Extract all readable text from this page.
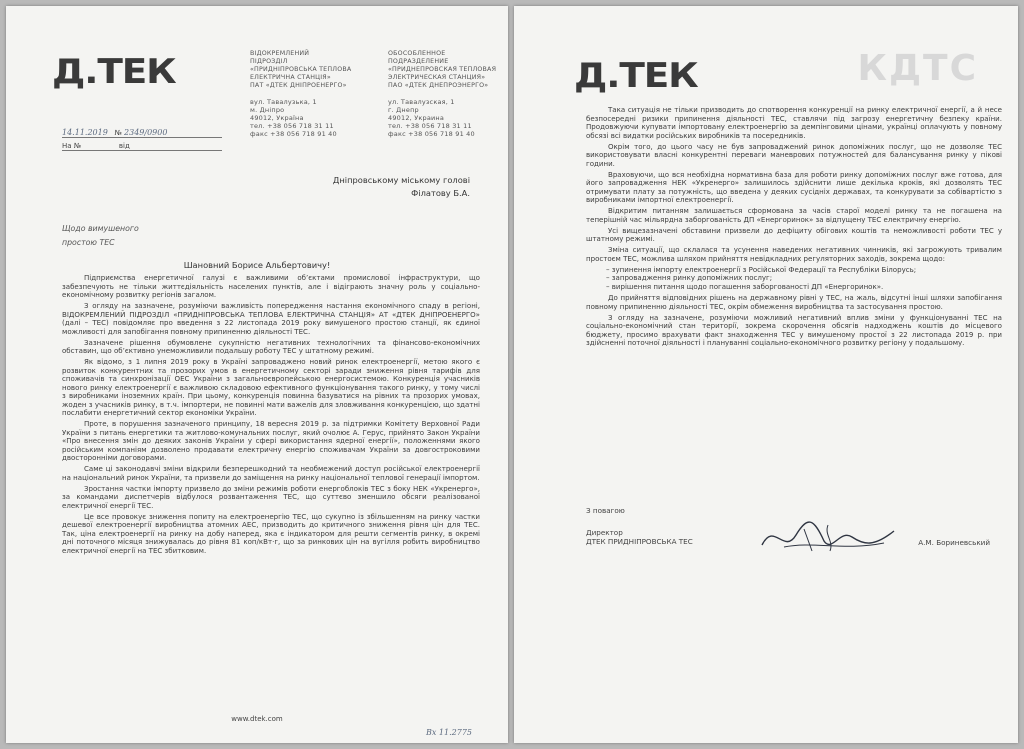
Д.ТЕК	ВІДОКРЕМЛЕНИЙ
ПІДРОЗДІЛ
«ПРИДНІПРОВСЬКА ТЕПЛОВА
ЕЛЕКТРИЧНА СТАНЦІЯ»
ПАТ «ДТЕК ДНІПРОЕНЕРГО»
вул. Тавалузька, 1
м. Дніпро
49012, Україна
тел. +38 056 718 31 11
факс +38 056 718 91 40
ОБОСОБЛЕННОЕ
ПОДРАЗДЕЛЕНИЕ
«ПРИДНЕПРОВСКАЯ ТЕПЛОВАЯ
ЭЛЕКТРИЧЕСКАЯ СТАНЦИЯ»
ПАО «ДТЕК ДНЕПРОЭНЕРГО»
ул. Тавалузская, 1
г. Днепр
49012, Украина
тел. +38 056 718 31 11
факс +38 056 718 91 40
14.11.2019 № 2349/0900
На №	від
Дніпровському міському голові
Філатову Б.А.
Щодо вимушеного
простою ТЕС
Шановний Борисе Альбертовичу!

Підприємства енергетичної галузі є важливими об’єктами промислової інфраструктури, що забезпечують не тільки життєдіяльність населених пунктів, але і відіграють значну роль у соціально-економічному розвитку регіонів загалом.

З огляду на зазначене, розуміючи важливість попередження настання економічного спаду в регіоні, ВІДОКРЕМЛЕНИЙ ПІДРОЗДІЛ «ПРИДНІПРОВСЬКА ТЕПЛОВА ЕЛЕКТРИЧНА СТАНЦІЯ» АТ «ДТЕК ДНІПРОЕНЕРГО» (далі – ТЕС) повідомляє про введення з 22 листопада 2019 року вимушеного простою станції, як єдиної можливості для запобігання повному припиненню діяльності ТЕС.

Зазначене рішення обумовлене сукупністю негативних технологічних та фінансово-економічних обставин, що об’єктивно унеможливили подальшу роботу ТЕС у штатному режимі.

Як відомо, з 1 липня 2019 року в Україні запроваджено новий ринок електроенергії, метою якого є розвиток конкурентних та прозорих умов в енергетичному секторі заради зниження рівня тарифів для споживачів та синхронізації ОЕС України з загальноєвропейською енергосистемою. Конкуренція учасників нового ринку електроенергії є важливою складовою ефективного функціонування такого ринку, у тому числі з виробниками іноземних країн. При цьому, конкуренція повинна базуватися на рівних та прозорих умовах, жоден з учасників ринку, в т.ч. імпортери, не повинні мати важелів для зловживання конкуренцією, що здатні послабити енергетичний сектор економіки України.

Проте, в порушення зазначеного принципу, 18 вересня 2019 р. за підтримки Комітету Верховної Ради України з питань енергетики та житлово-комунальних послуг, який очолює А. Герус, прийнято Закон України «Про внесення змін до деяких законів України у сфері використання ядерної енергії», положеннями якого російським компаніям дозволено продавати електричну енергію споживачам України за довгостроковими двосторонніми договорами.

Саме ці законодавчі зміни відкрили безперешкодний та необмежений доступ російської електроенергії на національний ринок України, та призвели до заміщення на ринку національної теплової генерації імпортом.

Зростання частки імпорту призвело до зміни режимів роботи енергоблоків ТЕС з боку НЕК «Укренерго», за командами диспетчерів відбулося розвантаження ТЕС, що суттєво зменшило обсяги реалізованої електричної енергії ТЕС.

Це все провокує зниження попиту на електроенергію ТЕС, що сукупно із збільшенням на ринку частки дешевої електроенергії виробництва атомних АЕС, призводить до критичного зниження рівня цін для ТЕС. Так, ціна електроенергії на ринку на добу наперед, яка є індикатором для решти сегментів ринку, в окремі дні поточного місяця знижувалась до рівня 81 коп/кВт·г, що за ринкових цін на вугілля робить виробництво електричної енергії на ТЕС збитковим.

www.dtek.com
Вх 11.2775
Д.ТЕК	КДТС

Така ситуація не тільки призводить до спотворення конкуренції на ринку електричної енергії, а й несе безпосередні ризики припинення діяльності ТЕС, ставлячи під загрозу енергетичну безпеку країни. Продовжуючи купувати імпортовану електроенергію за демпінговими цінами, українці оплачують у повному обсязі всі видатки російських виробників та посередників.

Окрім того, до цього часу не був запроваджений ринок допоміжних послуг, що не дозволяє ТЕС використовувати власні конкурентні переваги маневрових потужностей для балансування ринку у пікові години.

Враховуючи, що вся необхідна нормативна база для роботи ринку допоміжних послуг вже готова, для його запровадження НЕК «Укренерго» залишилось здійснити лише декілька кроків, які дозволять ТЕС отримувати плату за потужність, що введена у деяких сусідніх державах, та конкурувати за собівартістю з виробниками імпортної електроенергії.

Відкритим питанням залишається сформована за часів старої моделі ринку та не погашена на теперішній час мільярдна заборгованість ДП «Енергоринок» за відпущену ТЕС електричну енергію.

Усі вищезазначені обставини призвели до дефіциту обігових коштів та неможливості роботи ТЕС у штатному режимі.

Зміна ситуації, що склалася та усунення наведених негативних чинників, які загрожують тривалим простоєм ТЕС, можлива шляхом прийняття невідкладних регуляторних заходів, зокрема щодо:

– зупинення імпорту електроенергії з Російської Федерації та Республіки Білорусь;
– запровадження ринку допоміжних послуг;
– вирішення питання щодо погашення заборгованості ДП «Енергоринок».

До прийняття відповідних рішень на державному рівні у ТЕС, на жаль, відсутні інші шляхи запобігання повному припиненню діяльності ТЕС, окрім обмеження виробництва та застосування простою.

З огляду на зазначене, розуміючи можливий негативний вплив зміни у функціонуванні ТЕС на соціально-економічний стан території, зокрема скорочення обсягів надходжень коштів до місцевого бюджету, просимо врахувати факт знаходження ТЕС у вимушеному простої з 22 листопада 2019 р. при здійсненні поточної діяльності і плануванні соціально-економічного розвитку регіону у подальшому.

З повагою
Директор
ДТЕК ПРИДНІПРОВСЬКА ТЕС	А.М. Бориневський
